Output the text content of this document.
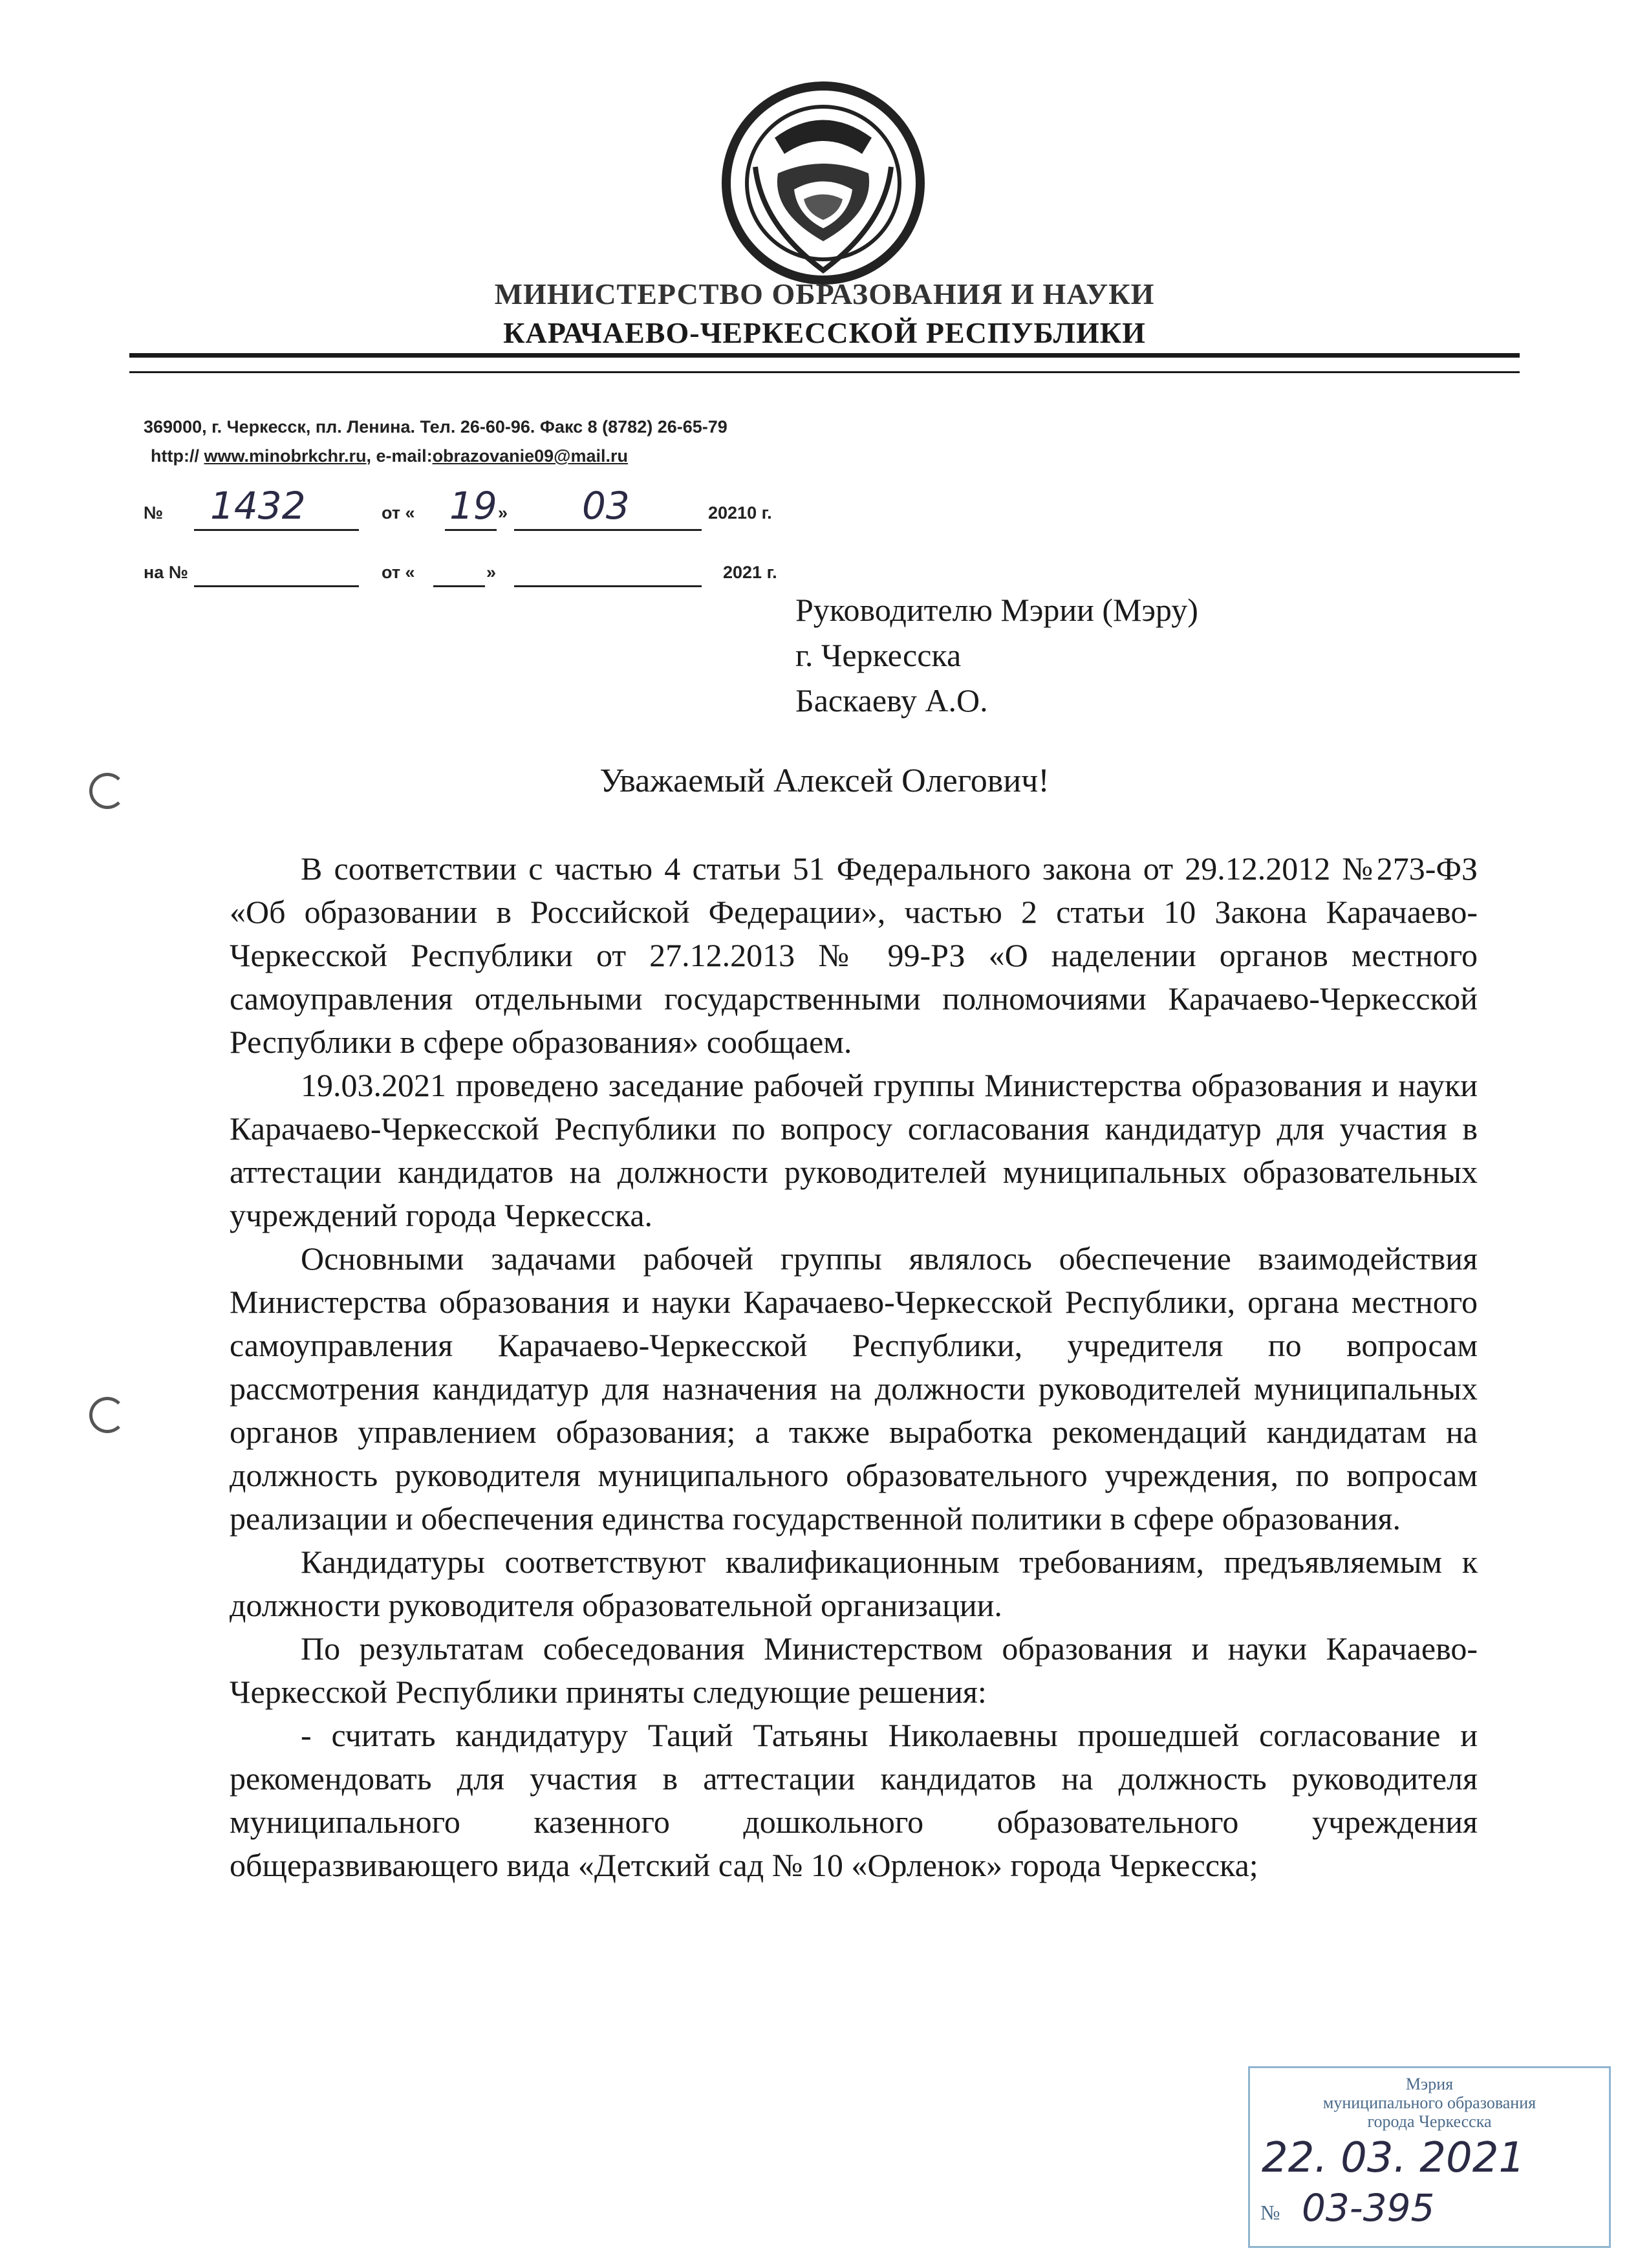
МИНИСТЕРСТВО ОБРАЗОВАНИЯ И НАУКИ
КАРАЧАЕВО-ЧЕРКЕССКОЙ РЕСПУБЛИКИ
369000, г. Черкесск, пл. Ленина. Тел. 26-60-96. Факс 8 (8782) 26-65-79
http:// www.minobrkchr.ru, e-mail:obrazovanie09@mail.ru
№ 1432	от « 19 » 03	20210 г.
на №	от «	»	2021 г.
Руководителю Мэрии (Мэру)
г. Черкесска
Баскаеву А.О.
Уважаемый Алексей Олегович!

В соответствии с частью 4 статьи 51 Федерального закона от 29.12.2012 №273-ФЗ «Об образовании в Российской Федерации», частью 2 статьи 10 Закона Карачаево-Черкесской Республики от 27.12.2013 № 99-РЗ «О наделении органов местного самоуправления отдельными государственными полномочиями Карачаево-Черкесской Республики в сфере образования» сообщаем.

19.03.2021 проведено заседание рабочей группы Министерства образования и науки Карачаево-Черкесской Республики по вопросу согласования кандидатур для участия в аттестации кандидатов на должности руководителей муниципальных образовательных учреждений города Черкесска.

Основными задачами рабочей группы являлось обеспечение взаимодействия Министерства образования и науки Карачаево-Черкесской Республики, органа местного самоуправления Карачаево-Черкесской Республики, учредителя по вопросам рассмотрения кандидатур для назначения на должности руководителей муниципальных органов управлением образования; а также выработка рекомендаций кандидатам на должность руководителя муниципального образовательного учреждения, по вопросам реализации и обеспечения единства государственной политики в сфере образования.

Кандидатуры соответствуют квалификационным требованиям, предъявляемым к должности руководителя образовательной организации.

По результатам собеседования Министерством образования и науки Карачаево-Черкесской Республики приняты следующие решения:

- считать кандидатуру Таций Татьяны Николаевны прошедшей согласование и рекомендовать для участия в аттестации кандидатов на должность руководителя муниципального казенного дошкольного образовательного учреждения общеразвивающего вида «Детский сад № 10 «Орленок» города Черкесска;

Мэрия
муниципального образования
города Черкесска
22. 03. 2021
№ 03-395
